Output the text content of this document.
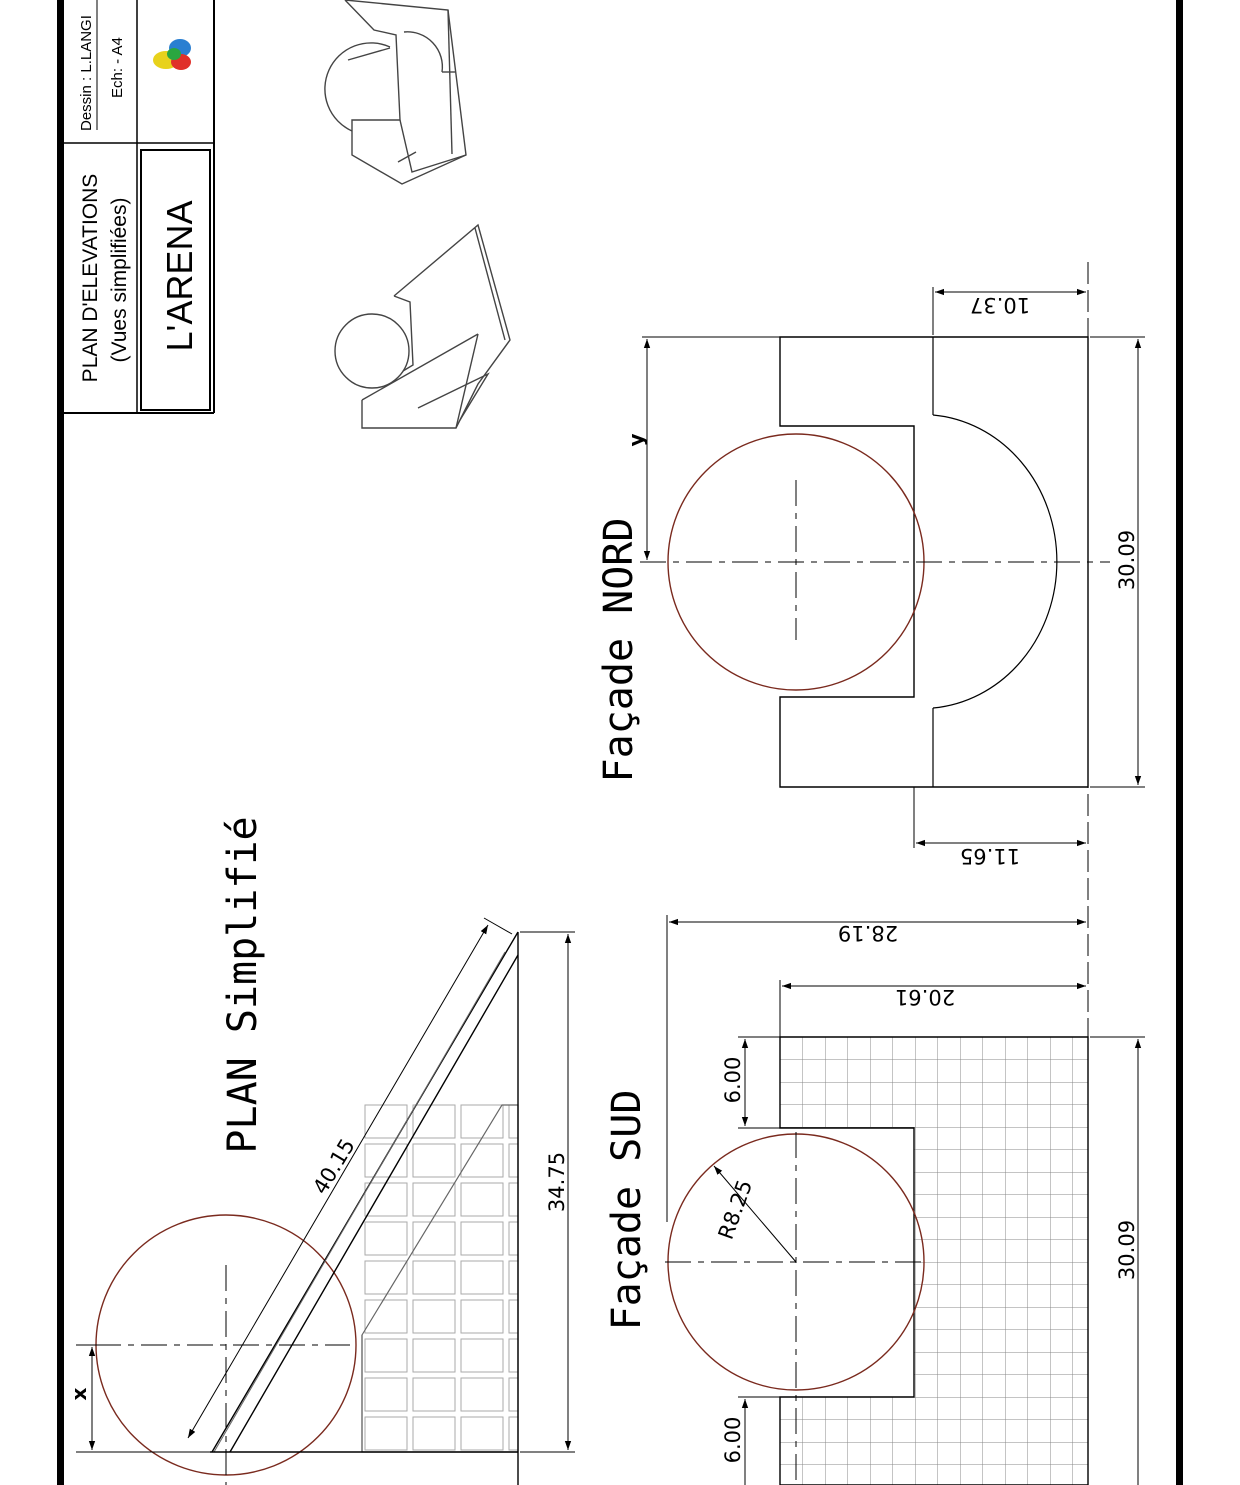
PLAN D'ELEVATIONS (Vues simplifiées) L'ARENA
Dessin : L.LANGI Ech: - A4
PLAN Simplifié
40.15	34.75
x
Façade NORD
10.37
11.65
30.09
y
Façade SUD	R8.25
28.19
20.61
6.00
6.00
30.09
